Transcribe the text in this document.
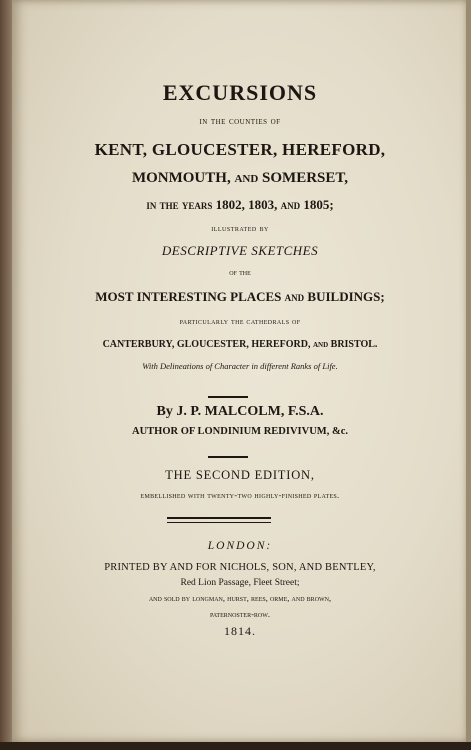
EXCURSIONS
in the counties of
KENT, GLOUCESTER, HEREFORD,
MONMOUTH, and SOMERSET,
in the years 1802, 1803, and 1805;
illustrated by
DESCRIPTIVE SKETCHES
of the
MOST INTERESTING PLACES and BUILDINGS;
particularly the cathedrals of
CANTERBURY, GLOUCESTER, HEREFORD, and BRISTOL.
With Delineations of Character in different Ranks of Life.
By J. P. MALCOLM, F.S.A.
AUTHOR OF LONDINIUM REDIVIVUM, &c.
THE SECOND EDITION,
embellished with twenty-two highly-finished plates.
LONDON:
PRINTED BY AND FOR NICHOLS, SON, AND BENTLEY,
Red Lion Passage, Fleet Street;
and sold by longman, hurst, rees, orme, and brown,
paternoster-row.
1814.
